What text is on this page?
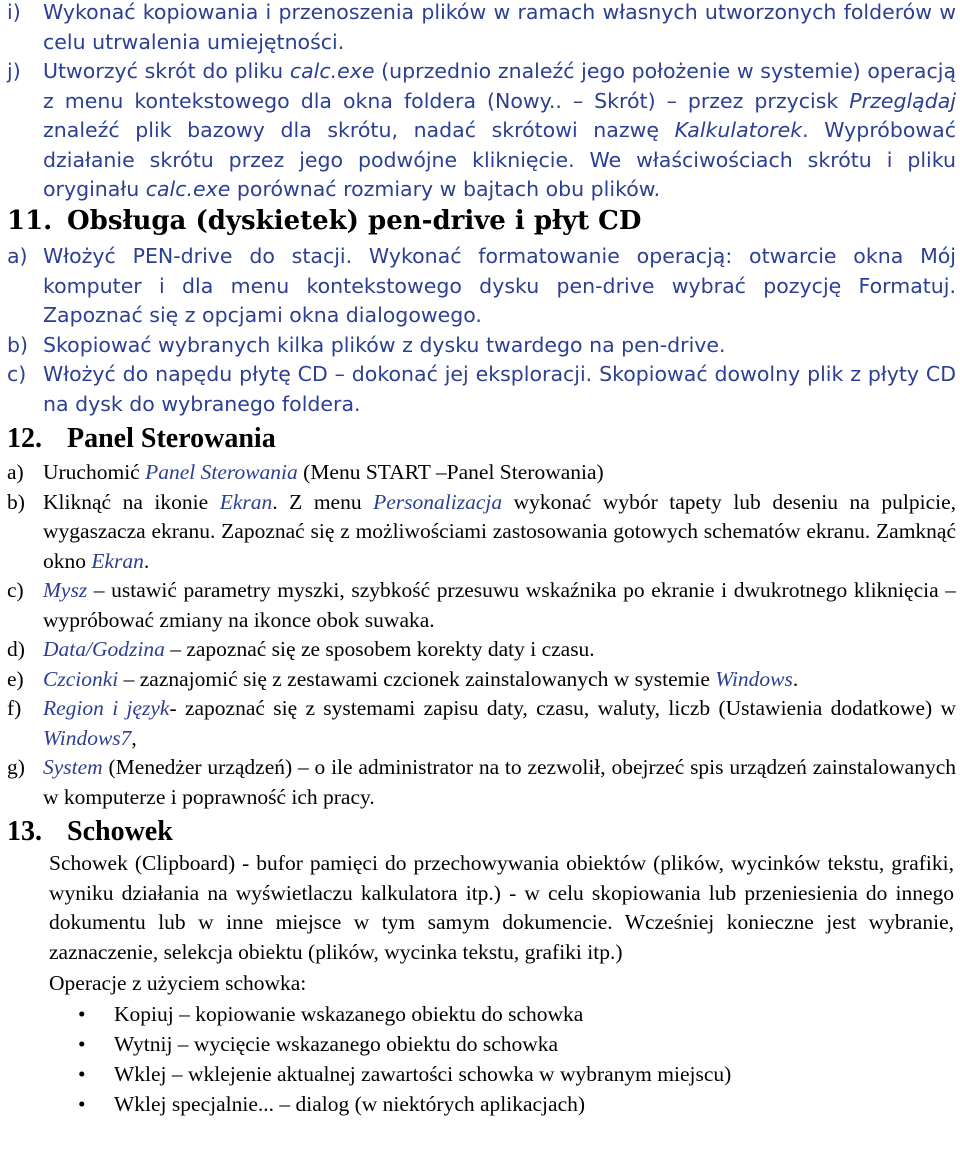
i) Wykonać kopiowania i przenoszenia plików w ramach własnych utworzonych folderów w celu utrwalenia umiejętności.

j) Utworzyć skrót do pliku calc.exe (uprzednio znaleźć jego położenie w systemie) operacją z menu kontekstowego dla okna foldera (Nowy.. – Skrót) – przez przycisk Przeglądaj znaleźć plik bazowy dla skrótu, nadać skrótowi nazwę Kalkulatorek. Wypróbować działanie skrótu przez jego podwójne kliknięcie. We właściwościach skrótu i pliku oryginału calc.exe porównać rozmiary w bajtach obu plików.

11. Obsługa (dyskietek) pen-drive i płyt CD

a) Włożyć PEN-drive do stacji. Wykonać formatowanie operacją: otwarcie okna Mój komputer i dla menu kontekstowego dysku pen-drive wybrać pozycję Formatuj. Zapoznać się z opcjami okna dialogowego.

b) Skopiować wybranych kilka plików z dysku twardego na pen-drive.

c) Włożyć do napędu płytę CD – dokonać jej eksploracji. Skopiować dowolny plik z płyty CD na dysk do wybranego foldera.

12. Panel Sterowania

a) Uruchomić Panel Sterowania (Menu START –Panel Sterowania)

b) Kliknąć na ikonie Ekran. Z menu Personalizacja wykonać wybór tapety lub deseniu na pulpicie, wygaszacza ekranu. Zapoznać się z możliwościami zastosowania gotowych schematów ekranu. Zamknąć okno Ekran.

c) Mysz – ustawić parametry myszki, szybkość przesuwu wskaźnika po ekranie i dwukrotnego kliknięcia – wypróbować zmiany na ikonce obok suwaka.

d) Data/Godzina – zapoznać się ze sposobem korekty daty i czasu.

e) Czcionki – zaznajomić się z zestawami czcionek zainstalowanych w systemie Windows.

f) Region i język- zapoznać się z systemami zapisu daty, czasu, waluty, liczb (Ustawienia dodatkowe) w Windows7,

g) System (Menedżer urządzeń) – o ile administrator na to zezwolił, obejrzeć spis urządzeń zainstalowanych w komputerze i poprawność ich pracy.

13. Schowek

Schowek (Clipboard) - bufor pamięci do przechowywania obiektów (plików, wycinków tekstu, grafiki, wyniku działania na wyświetlaczu kalkulatora itp.) - w celu skopiowania lub przeniesienia do innego dokumentu lub w inne miejsce w tym samym dokumencie. Wcześniej konieczne jest wybranie, zaznaczenie, selekcja obiektu (plików, wycinka tekstu, grafiki itp.)

Operacje z użyciem schowka:

• Kopiuj – kopiowanie wskazanego obiektu do schowka
• Wytnij – wycięcie wskazanego obiektu do schowka
• Wklej – wklejenie aktualnej zawartości schowka w wybranym miejscu)
• Wklej specjalnie... – dialog (w niektórych aplikacjach)
